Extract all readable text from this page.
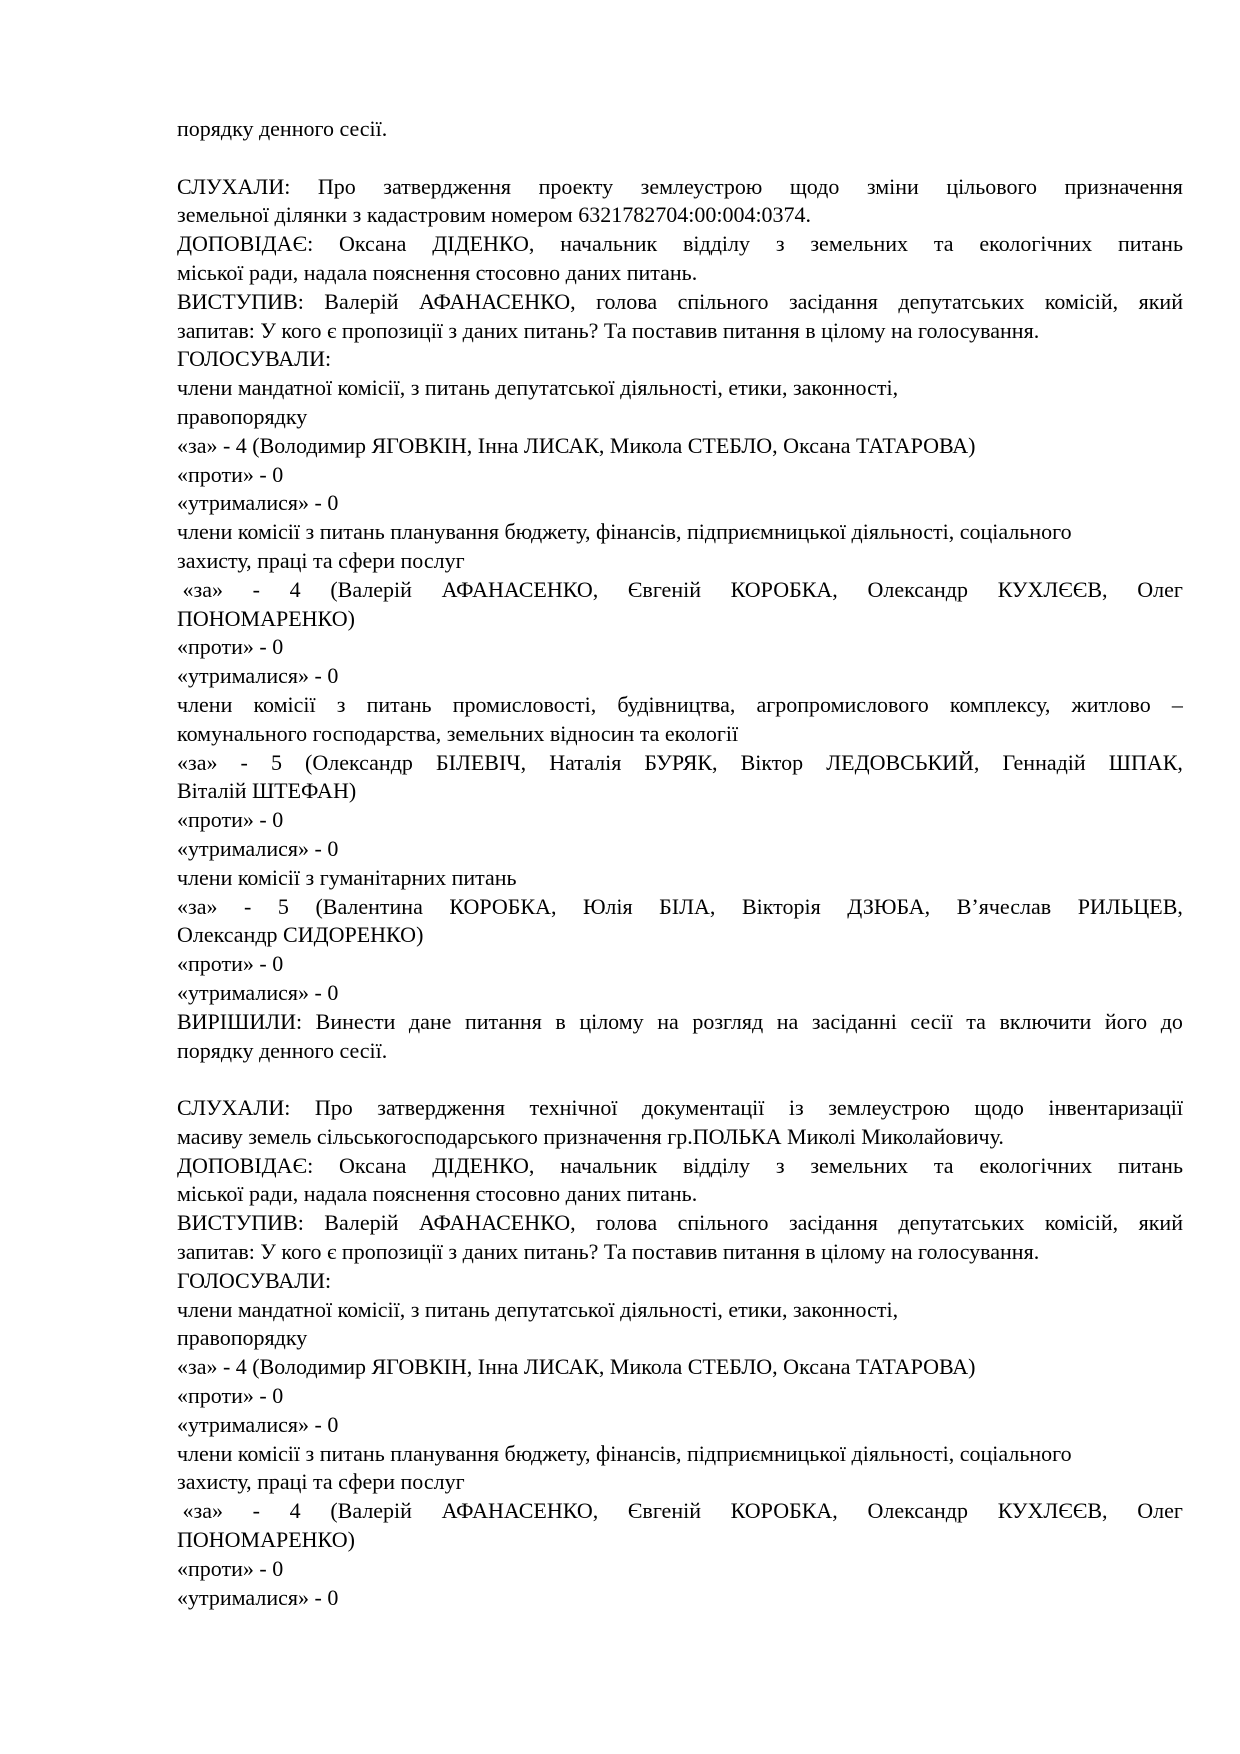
порядку денного сесії.
СЛУХАЛИ: Про затвердження проекту землеустрою щодо зміни цільового призначення
земельної ділянки з кадастровим номером 6321782704:00:004:0374.
ДОПОВІДАЄ: Оксана ДІДЕНКО, начальник відділу з земельних та екологічних питань
міської ради, надала пояснення стосовно даних питань.
ВИСТУПИВ: Валерій АФАНАСЕНКО, голова спільного засідання депутатських комісій, який
запитав: У кого є пропозиції з даних питань? Та поставив питання в цілому на голосування.
ГОЛОСУВАЛИ:
члени мандатної комісії, з питань депутатської діяльності, етики, законності,
правопорядку
«за» - 4 (Володимир ЯГОВКІН, Інна ЛИСАК, Микола СТЕБЛО, Оксана ТАТАРОВА)
«проти» - 0
«утрималися» - 0
члени комісії з питань планування бюджету, фінансів, підприємницької діяльності, соціального
захисту, праці та сфери послуг
«за» - 4 (Валерій АФАНАСЕНКО, Євгеній КОРОБКА, Олександр КУХЛЄЄВ, Олег
ПОНОМАРЕНКО)
«проти» - 0
«утрималися» - 0
члени комісії з питань промисловості, будівництва, агропромислового комплексу, житлово –
комунального господарства, земельних відносин та екології
«за» - 5 (Олександр БІЛЕВІЧ, Наталія БУРЯК, Віктор ЛЕДОВСЬКИЙ, Геннадій ШПАК,
Віталій ШТЕФАН)
«проти» - 0
«утрималися» - 0
члени комісії з гуманітарних питань
«за» - 5 (Валентина КОРОБКА, Юлія БІЛА, Вікторія ДЗЮБА, В’ячеслав РИЛЬЦЕВ,
Олександр СИДОРЕНКО)
«проти» - 0
«утрималися» - 0
ВИРІШИЛИ: Винести дане питання в цілому на розгляд на засіданні сесії та включити його до
порядку денного сесії.
СЛУХАЛИ: Про затвердження технічної документації із землеустрою щодо інвентаризації
масиву земель сільськогосподарського призначення гр.ПОЛЬКА Миколі Миколайовичу.
ДОПОВІДАЄ: Оксана ДІДЕНКО, начальник відділу з земельних та екологічних питань
міської ради, надала пояснення стосовно даних питань.
ВИСТУПИВ: Валерій АФАНАСЕНКО, голова спільного засідання депутатських комісій, який
запитав: У кого є пропозиції з даних питань? Та поставив питання в цілому на голосування.
ГОЛОСУВАЛИ:
члени мандатної комісії, з питань депутатської діяльності, етики, законності,
правопорядку
«за» - 4 (Володимир ЯГОВКІН, Інна ЛИСАК, Микола СТЕБЛО, Оксана ТАТАРОВА)
«проти» - 0
«утрималися» - 0
члени комісії з питань планування бюджету, фінансів, підприємницької діяльності, соціального
захисту, праці та сфери послуг
«за» - 4 (Валерій АФАНАСЕНКО, Євгеній КОРОБКА, Олександр КУХЛЄЄВ, Олег
ПОНОМАРЕНКО)
«проти» - 0
«утрималися» - 0
